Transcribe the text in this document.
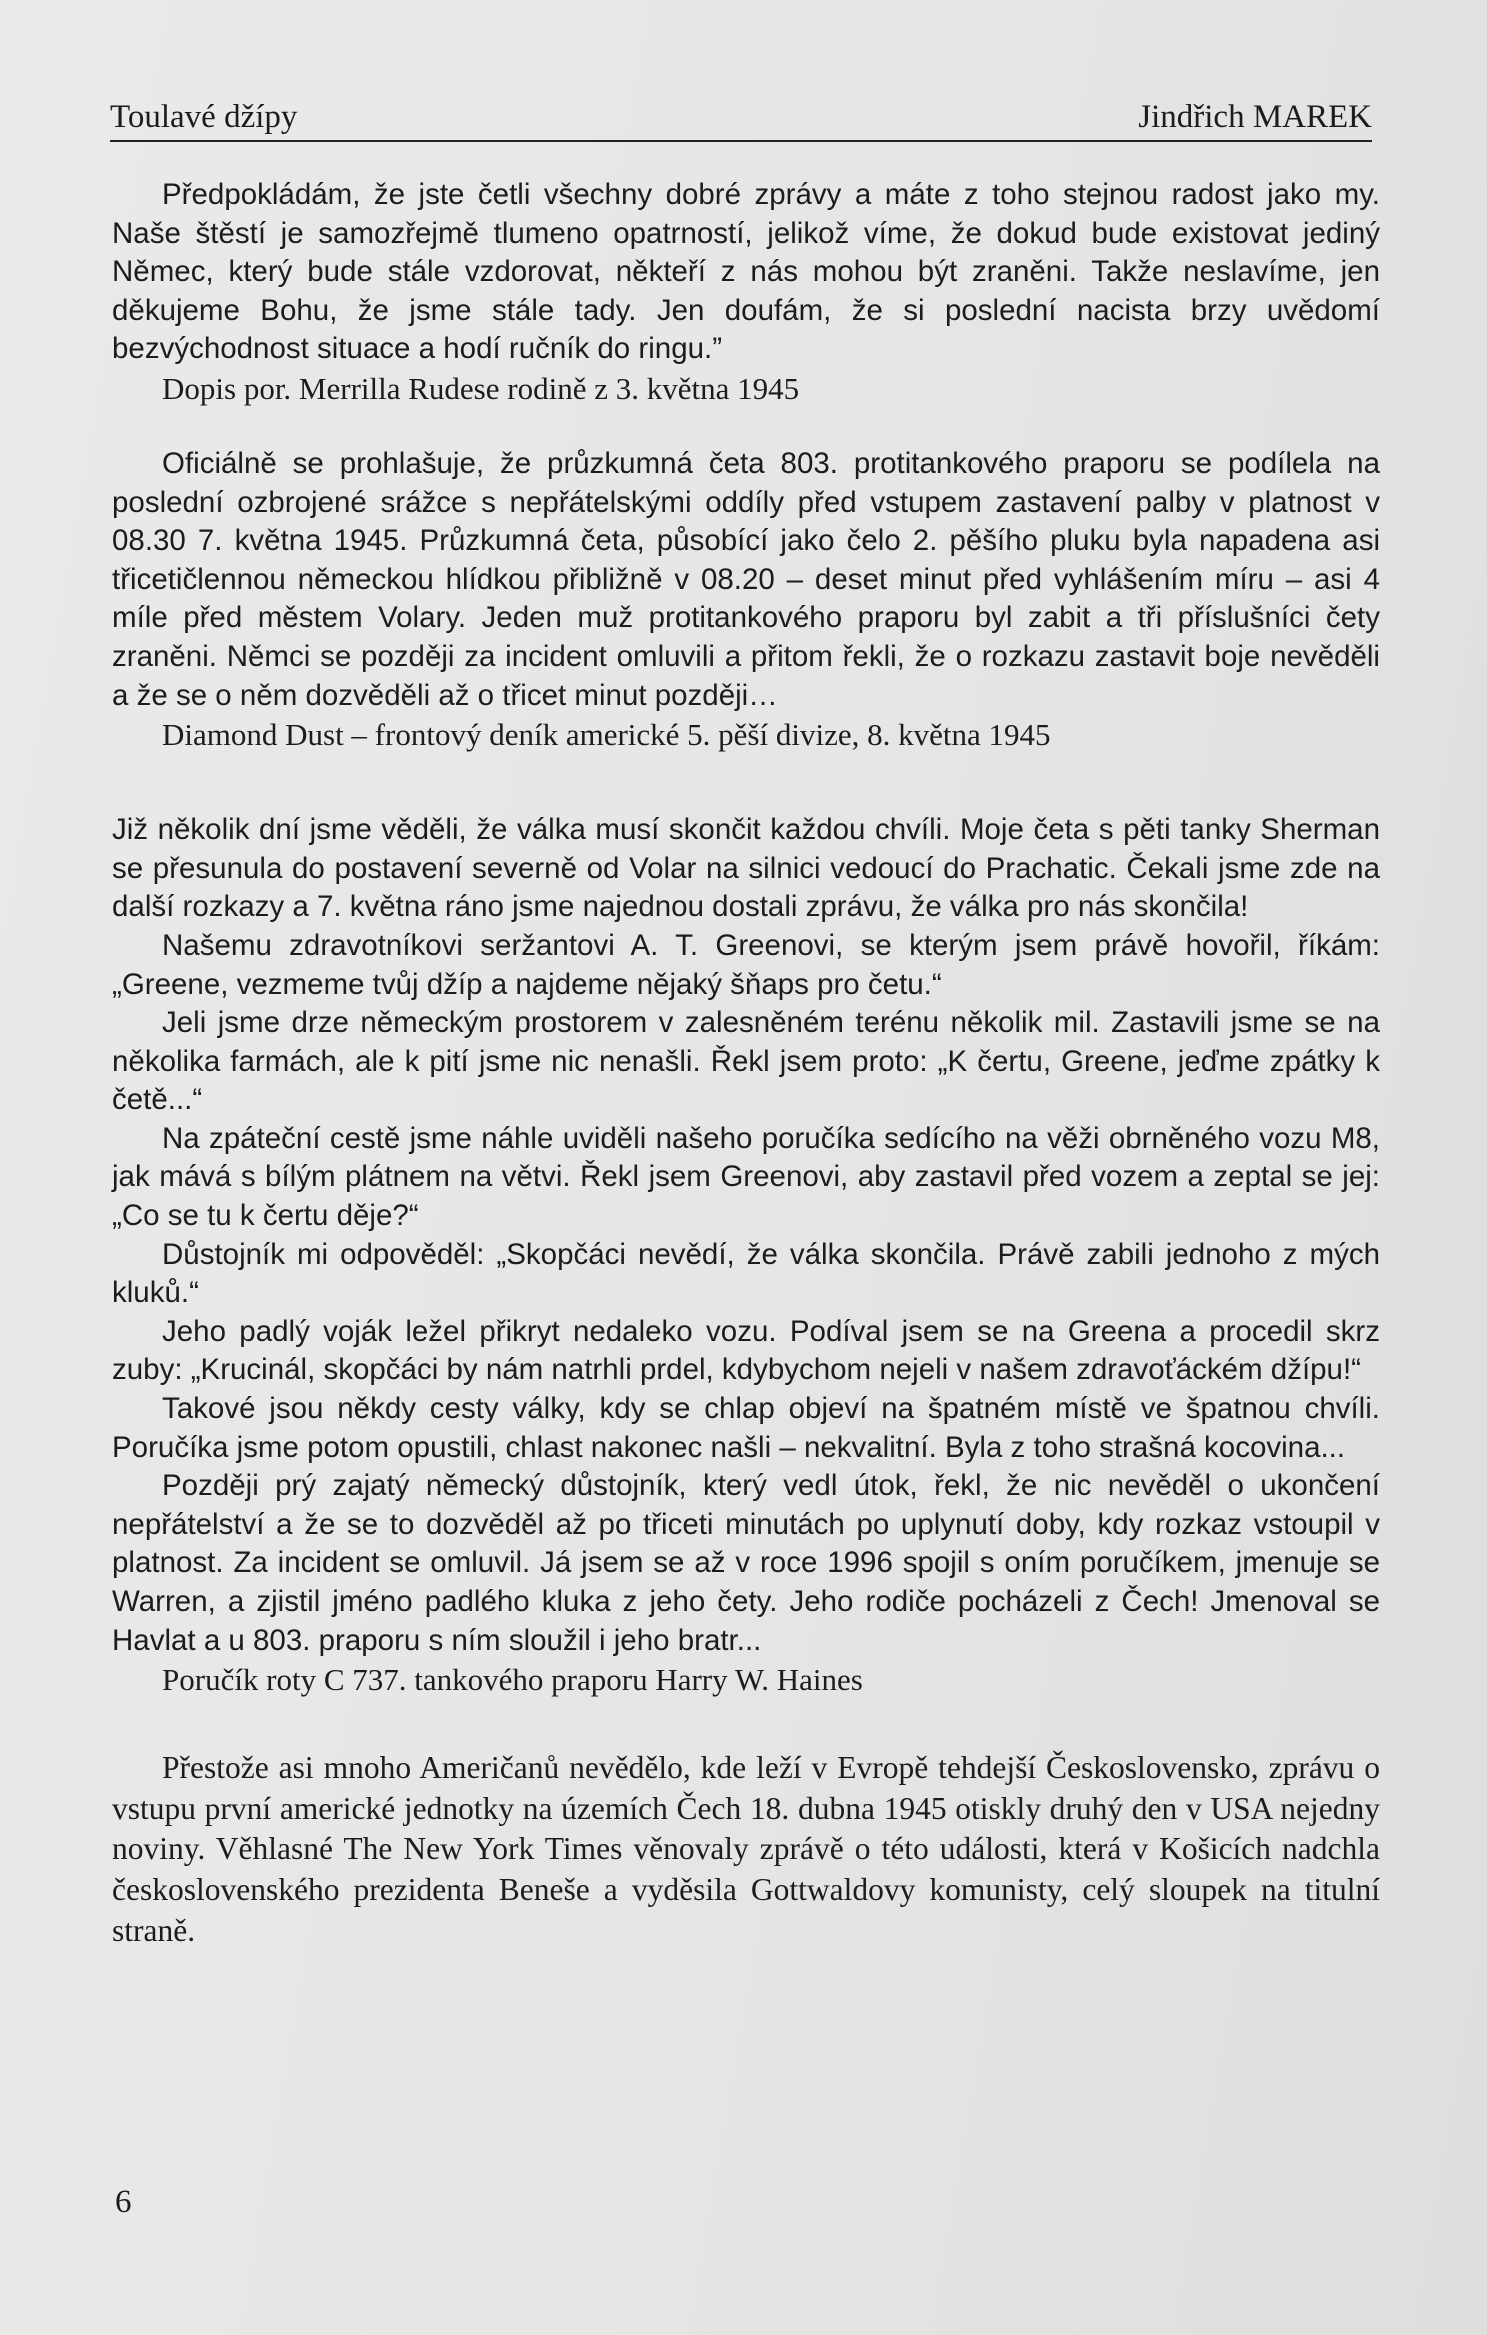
Toulavé džípy	Jindřich MAREK

Předpokládám, že jste četli všechny dobré zprávy a máte z toho stejnou radost jako my. Naše štěstí je samozřejmě tlumeno opatrností, jelikož víme, že dokud bude existovat jediný Němec, který bude stále vzdorovat, někteří z nás mohou být zraněni. Takže neslavíme, jen děkujeme Bohu, že jsme stále tady. Jen doufám, že si poslední nacista brzy uvědomí bezvýchodnost situace a hodí ručník do ringu.”

Dopis por. Merrilla Rudese rodině z 3. května 1945

Oficiálně se prohlašuje, že průzkumná četa 803. protitankového praporu se podílela na poslední ozbrojené srážce s nepřátelskými oddíly před vstupem zastavení palby v platnost v 08.30 7. května 1945. Průzkumná četa, působící jako čelo 2. pěšího pluku byla napadena asi třicetičlennou německou hlídkou přibližně v 08.20 – deset minut před vyhlášením míru – asi 4 míle před městem Volary. Jeden muž protitankového praporu byl zabit a tři příslušníci čety zraněni. Němci se později za incident omluvili a přitom řekli, že o rozkazu zastavit boje nevěděli a že se o něm dozvěděli až o třicet minut později…

Diamond Dust – frontový deník americké 5. pěší divize, 8. května 1945

Již několik dní jsme věděli, že válka musí skončit každou chvíli. Moje četa s pěti tanky Sherman se přesunula do postavení severně od Volar na silnici vedoucí do Prachatic. Čekali jsme zde na další rozkazy a 7. května ráno jsme najednou dostali zprávu, že válka pro nás skončila!

Našemu zdravotníkovi seržantovi A. T. Greenovi, se kterým jsem právě hovořil, říkám: „Greene, vezmeme tvůj džíp a najdeme nějaký šňaps pro četu.“

Jeli jsme drze německým prostorem v zalesněném terénu několik mil. Zastavili jsme se na několika farmách, ale k pití jsme nic nenašli. Řekl jsem proto: „K čertu, Greene, jeďme zpátky k četě...“

Na zpáteční cestě jsme náhle uviděli našeho poručíka sedícího na věži obrněného vozu M8, jak mává s bílým plátnem na větvi. Řekl jsem Greenovi, aby zastavil před vozem a zeptal se jej: „Co se tu k čertu děje?“

Důstojník mi odpověděl: „Skopčáci nevědí, že válka skončila. Právě zabili jednoho z mých kluků.“

Jeho padlý voják ležel přikryt nedaleko vozu. Podíval jsem se na Greena a procedil skrz zuby: „Krucinál, skopčáci by nám natrhli prdel, kdybychom nejeli v našem zdravoťáckém džípu!“

Takové jsou někdy cesty války, kdy se chlap objeví na špatném místě ve špatnou chvíli. Poručíka jsme potom opustili, chlast nakonec našli – nekvalitní. Byla z toho strašná kocovina...

Později prý zajatý německý důstojník, který vedl útok, řekl, že nic nevěděl o ukončení nepřátelství a že se to dozvěděl až po třiceti minutách po uplynutí doby, kdy rozkaz vstoupil v platnost. Za incident se omluvil. Já jsem se až v roce 1996 spojil s oním poručíkem, jmenuje se Warren, a zjistil jméno padlého kluka z jeho čety. Jeho rodiče pocházeli z Čech! Jmenoval se Havlat a u 803. praporu s ním sloužil i jeho bratr...

Poručík roty C 737. tankového praporu Harry W. Haines

Přestože asi mnoho Američanů nevědělo, kde leží v Evropě tehdejší Československo, zprávu o vstupu první americké jednotky na územích Čech 18. dubna 1945 otiskly druhý den v USA nejedny noviny. Věhlasné The New York Times věnovaly zprávě o této události, která v Košicích nadchla československého prezidenta Beneše a vyděsila Gottwaldovy komunisty, celý sloupek na titulní straně.

6
